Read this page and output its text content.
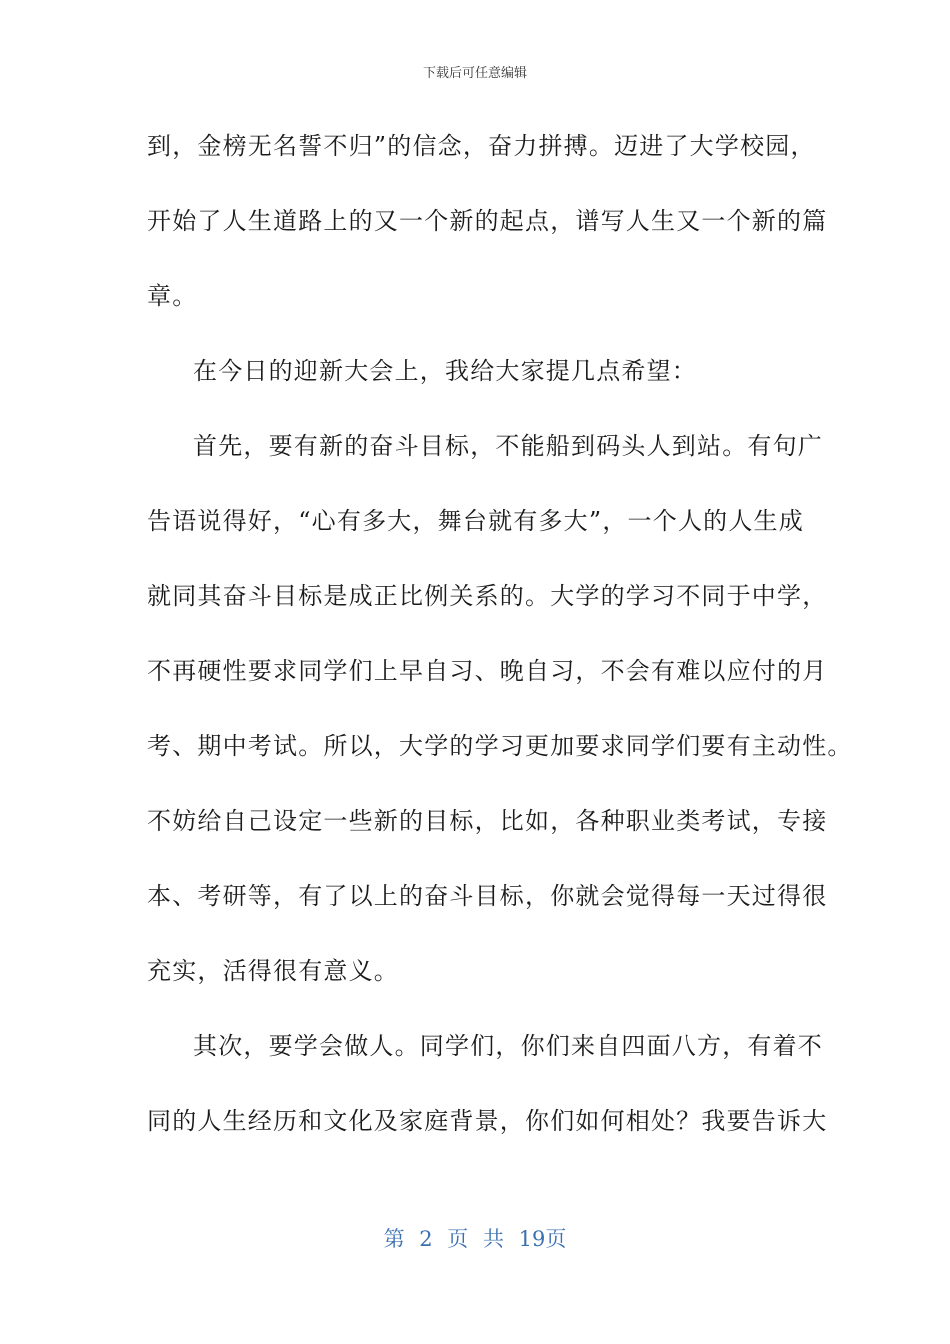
下载后可任意编辑
到，金榜无名誓不归”的信念，奋力拼搏。迈进了大学校园，
开始了人生道路上的又一个新的起点，谱写人生又一个新的篇
章。
在今日的迎新大会上，我给大家提几点希望：
首先，要有新的奋斗目标，不能船到码头人到站。有句广
告语说得好，“心有多大，舞台就有多大”，一个人的人生成
就同其奋斗目标是成正比例关系的。大学的学习不同于中学，
不再硬性要求同学们上早自习、晚自习，不会有难以应付的月
考、期中考试。所以，大学的学习更加要求同学们要有主动性。
不妨给自己设定一些新的目标，比如，各种职业类考试，专接
本、考研等，有了以上的奋斗目标，你就会觉得每一天过得很
充实，活得很有意义。
其次，要学会做人。同学们，你们来自四面八方，有着不
同的人生经历和文化及家庭背景，你们如何相处？我要告诉大
第 2 页 共 19页
